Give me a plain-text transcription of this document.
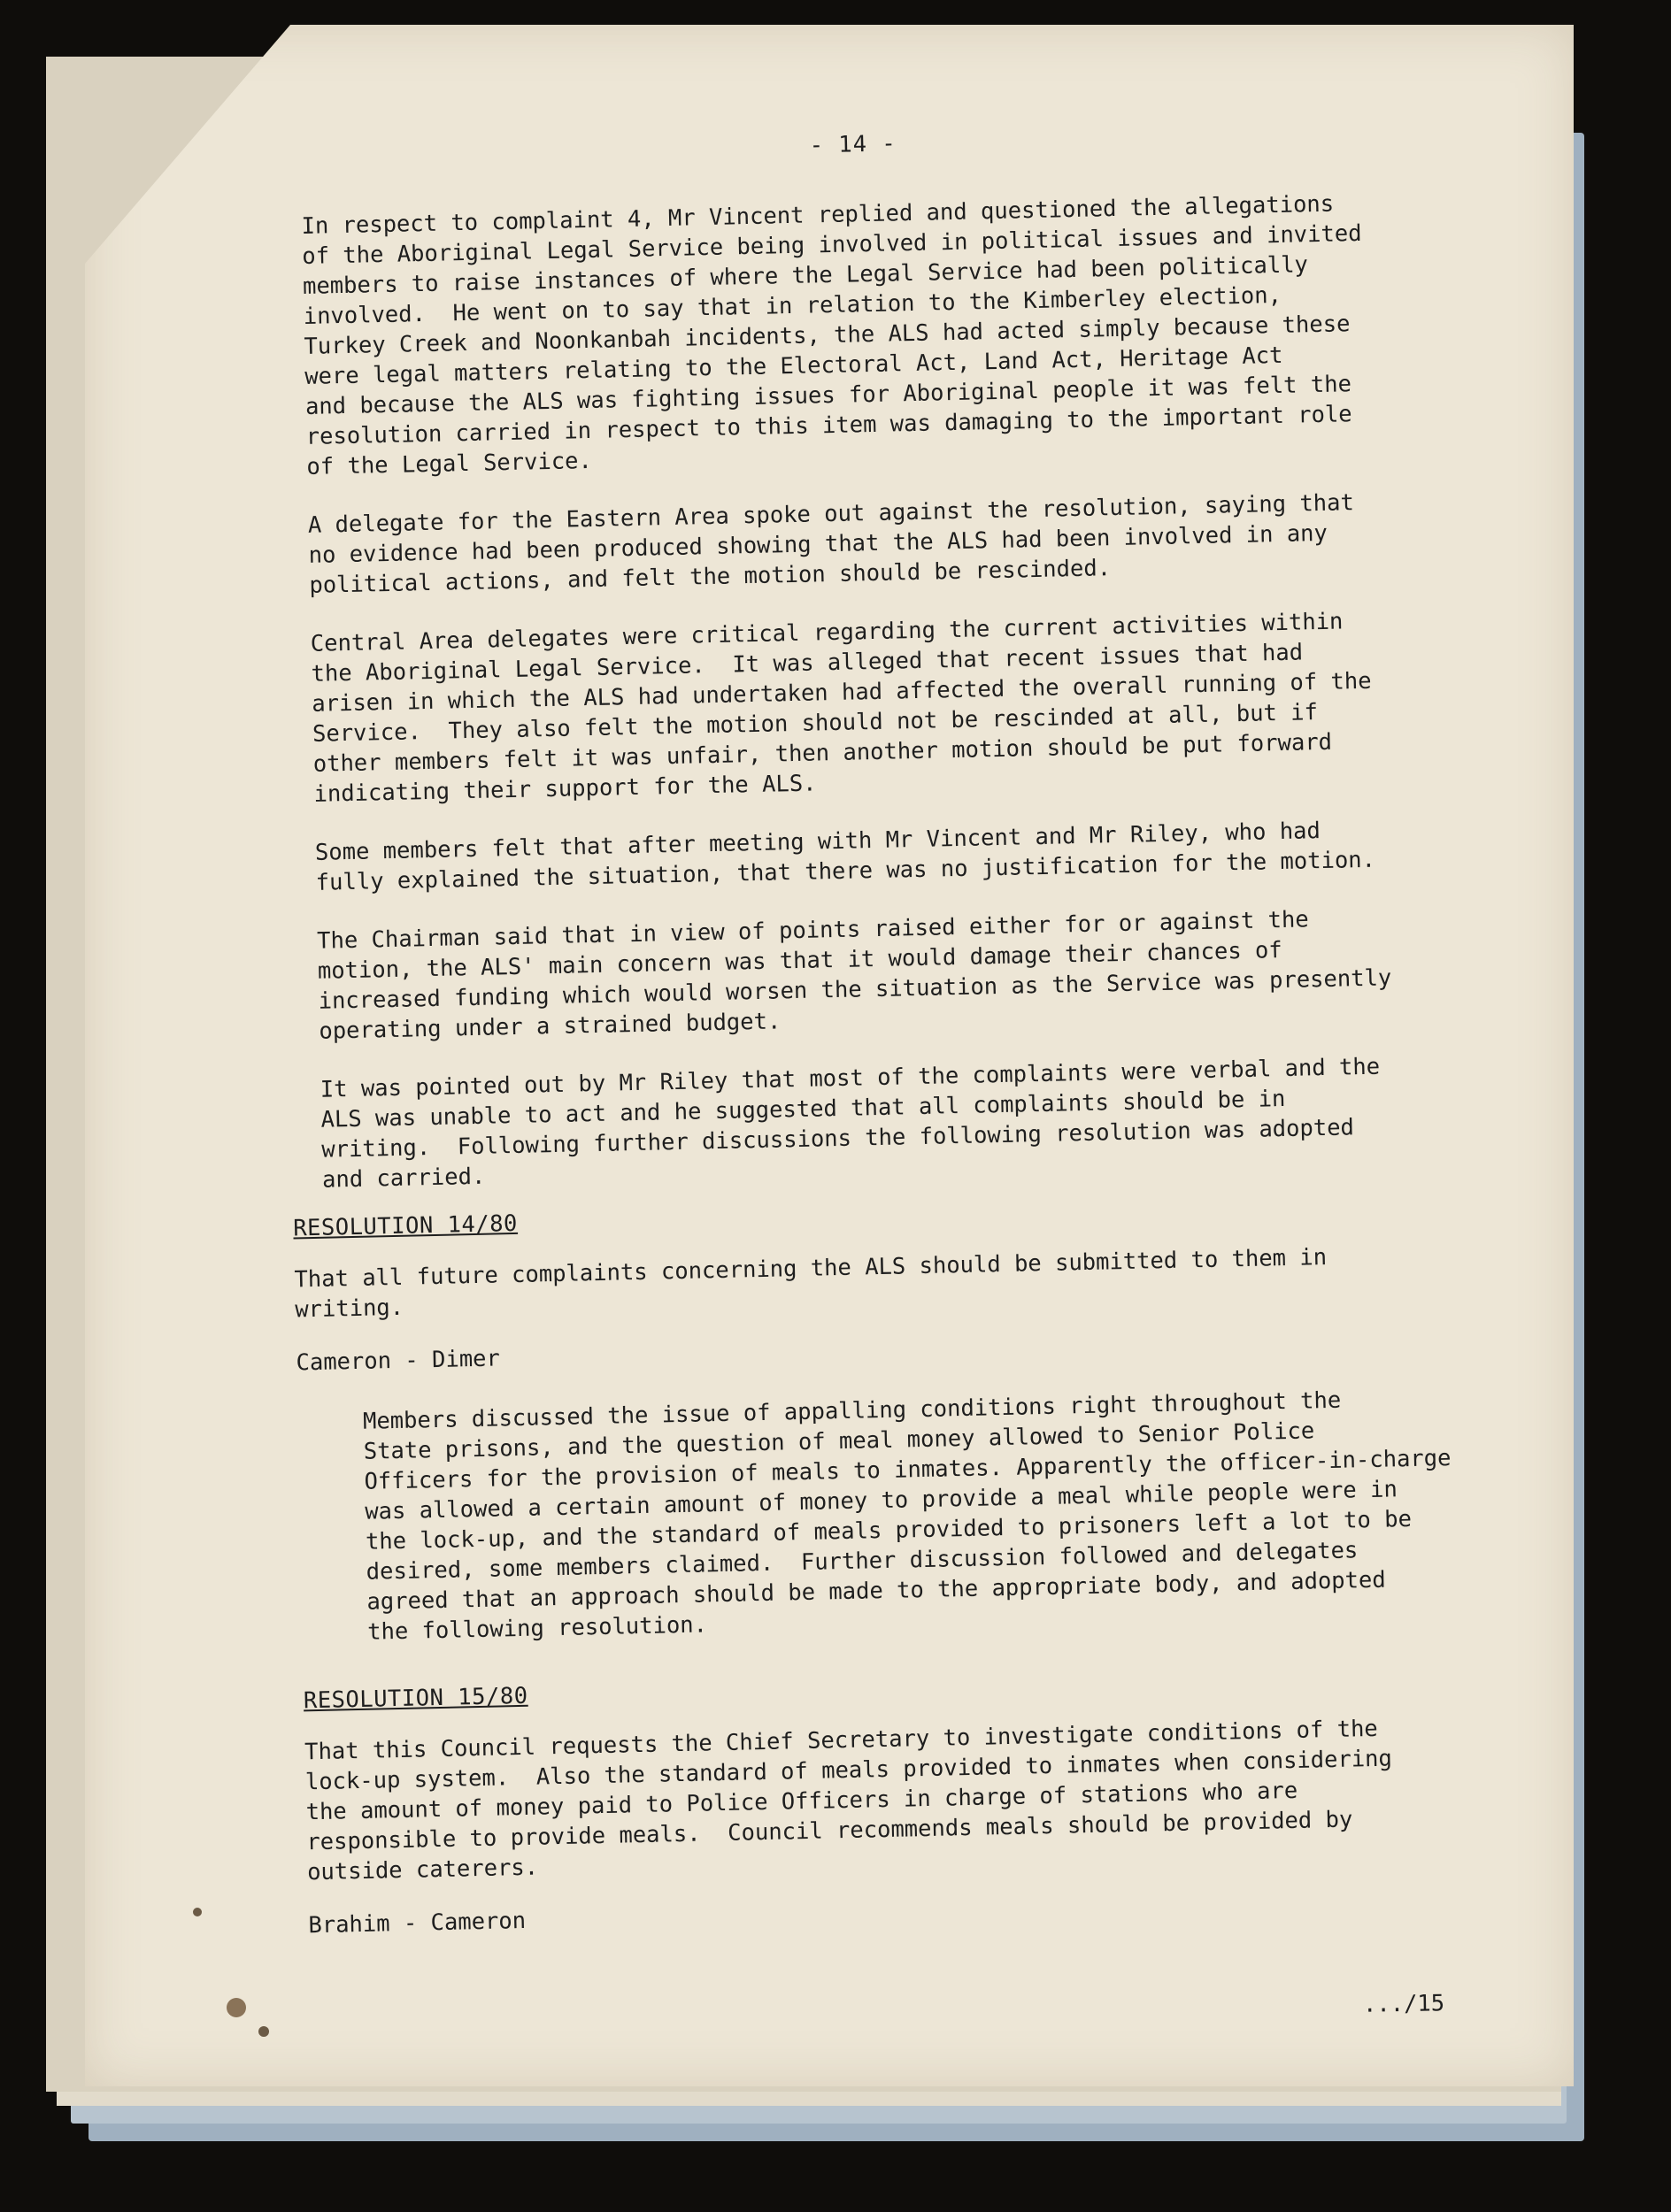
- 14 -

In respect to complaint 4, Mr Vincent replied and questioned the allegations
of the Aboriginal Legal Service being involved in political issues and invited
members to raise instances of where the Legal Service had been politically
involved.  He went on to say that in relation to the Kimberley election,
Turkey Creek and Noonkanbah incidents, the ALS had acted simply because these
were legal matters relating to the Electoral Act, Land Act, Heritage Act
and because the ALS was fighting issues for Aboriginal people it was felt the
resolution carried in respect to this item was damaging to the important role
of the Legal Service.

A delegate for the Eastern Area spoke out against the resolution, saying that
no evidence had been produced showing that the ALS had been involved in any
political actions, and felt the motion should be rescinded.

Central Area delegates were critical regarding the current activities within
the Aboriginal Legal Service.  It was alleged that recent issues that had
arisen in which the ALS had undertaken had affected the overall running of the
Service.  They also felt the motion should not be rescinded at all, but if
other members felt it was unfair, then another motion should be put forward
indicating their support for the ALS.

Some members felt that after meeting with Mr Vincent and Mr Riley, who had
fully explained the situation, that there was no justification for the motion.

The Chairman said that in view of points raised either for or against the
motion, the ALS' main concern was that it would damage their chances of
increased funding which would worsen the situation as the Service was presently
operating under a strained budget.

It was pointed out by Mr Riley that most of the complaints were verbal and the
ALS was unable to act and he suggested that all complaints should be in
writing.  Following further discussions the following resolution was adopted
and carried.

RESOLUTION 14/80

That all future complaints concerning the ALS should be submitted to them in
writing.

Cameron - Dimer

Members discussed the issue of appalling conditions right throughout the
State prisons, and the question of meal money allowed to Senior Police
Officers for the provision of meals to inmates. Apparently the officer-in-charge
was allowed a certain amount of money to provide a meal while people were in
the lock-up, and the standard of meals provided to prisoners left a lot to be
desired, some members claimed.  Further discussion followed and delegates
agreed that an approach should be made to the appropriate body, and adopted
the following resolution.

RESOLUTION 15/80

That this Council requests the Chief Secretary to investigate conditions of the
lock-up system.  Also the standard of meals provided to inmates when considering
the amount of money paid to Police Officers in charge of stations who are
responsible to provide meals.  Council recommends meals should be provided by
outside caterers.

Brahim - Cameron
.../15
